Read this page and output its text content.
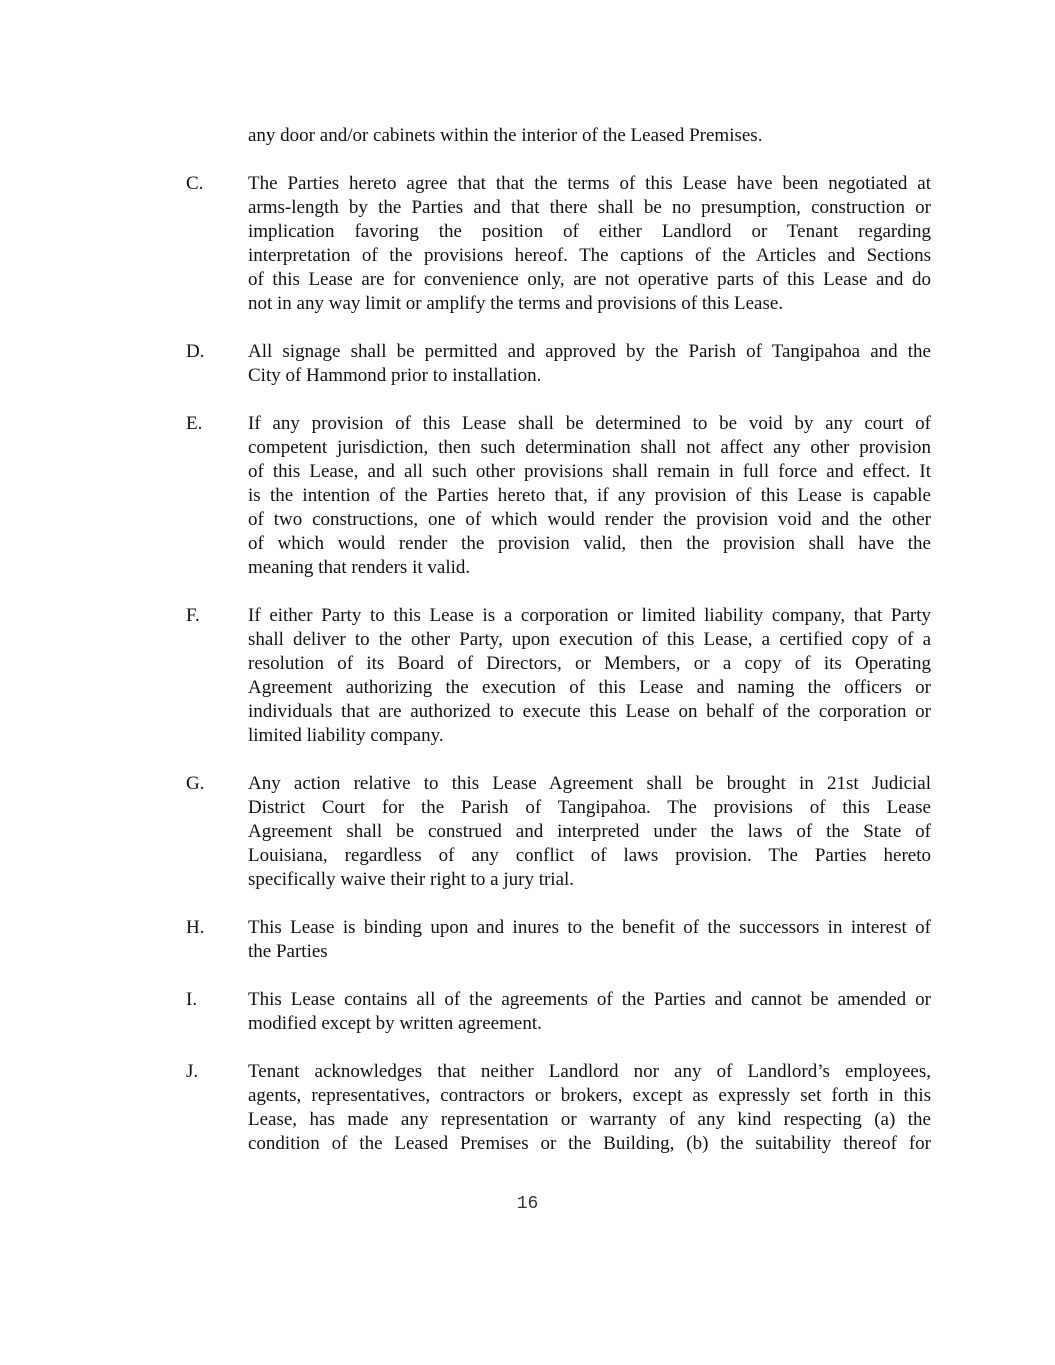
any door and/or cabinets within the interior of the Leased Premises.
C. The Parties hereto agree that that the terms of this Lease have been negotiated at
arms-length by the Parties and that there shall be no presumption, construction or
implication favoring the position of either Landlord or Tenant regarding
interpretation of the provisions hereof. The captions of the Articles and Sections
of this Lease are for convenience only, are not operative parts of this Lease and do
not in any way limit or amplify the terms and provisions of this Lease.
D. All signage shall be permitted and approved by the Parish of Tangipahoa and the
City of Hammond prior to installation.
E. If any provision of this Lease shall be determined to be void by any court of
competent jurisdiction, then such determination shall not affect any other provision
of this Lease, and all such other provisions shall remain in full force and effect. It
is the intention of the Parties hereto that, if any provision of this Lease is capable
of two constructions, one of which would render the provision void and the other
of which would render the provision valid, then the provision shall have the
meaning that renders it valid.
F.	If either Party to this Lease is a corporation or limited liability company, that Party
shall deliver to the other Party, upon execution of this Lease, a certified copy of a
resolution of its Board of Directors, or Members, or a copy of its Operating
Agreement authorizing the execution of this Lease and naming the officers or
individuals that are authorized to execute this Lease on behalf of the corporation or
limited liability company.
G. Any action relative to this Lease Agreement shall be brought in 21st Judicial
District Court for the Parish of Tangipahoa. The provisions of this Lease
Agreement shall be construed and interpreted under the laws of the State of
Louisiana, regardless of any conflict of laws provision. The Parties hereto
specifically waive their right to a jury trial.
H. This Lease is binding upon and inures to the benefit of the successors in interest of
the Parties
I.	This Lease contains all of the agreements of the Parties and cannot be amended or
modified except by written agreement.
J.	Tenant acknowledges that neither Landlord nor any of Landlord’s employees,
agents, representatives, contractors or brokers, except as expressly set forth in this
Lease, has made any representation or warranty of any kind respecting (a) the
condition of the Leased Premises or the Building, (b) the suitability thereof for
16
